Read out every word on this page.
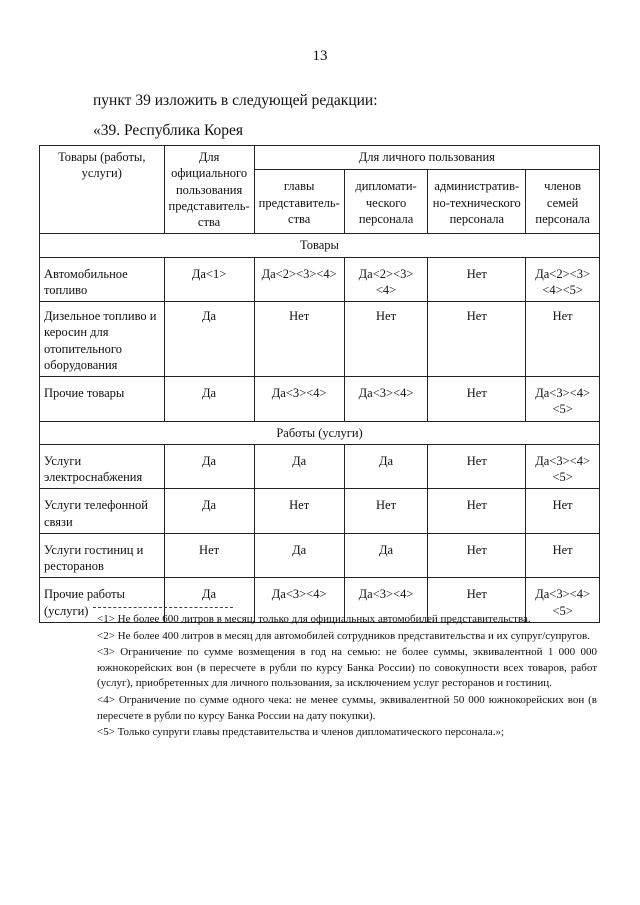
13
пункт 39 изложить в следующей редакции:
«39. Республика Корея
Товары (работы, услуги)	Для официального пользования представитель-ства	Для личного пользования			
		главы представитель-ства	дипломати-ческого персонала	административ-но-технического персонала	членов семей персонала
Товары					
Автомобильное топливо	Да<1>	Да<2><3><4>	Да<2><3><4>	Нет	Да<2><3><4><5>
Дизельное топливо и керосин для отопительного оборудования	Да	Нет	Нет	Нет	Нет
Прочие товары	Да	Да<3><4>	Да<3><4>	Нет	Да<3><4><5>
Работы (услуги)					
Услуги электроснабжения	Да	Да	Да	Нет	Да<3><4><5>
Услуги телефонной связи	Да	Нет	Нет	Нет	Нет
Услуги гостиниц и ресторанов	Нет	Да	Да	Нет	Нет
Прочие работы (услуги)	Да	Да<3><4>	Да<3><4>	Нет	Да<3><4><5>

<1> Не более 600 литров в месяц, только для официальных автомобилей представительства.

<2> Не более 400 литров в месяц для автомобилей сотрудников представительства и их супруг/супругов.

<3> Ограничение по сумме возмещения в год на семью: не более суммы, эквивалентной 1 000 000 южнокорейских вон (в пересчете в рубли по курсу Банка России) по совокупности всех товаров, работ (услуг), приобретенных для личного пользования, за исключением услуг ресторанов и гостиниц.

<4> Ограничение по сумме одного чека: не менее суммы, эквивалентной 50 000 южнокорейских вон (в пересчете в рубли по курсу Банка России на дату покупки).

<5> Только супруги главы представительства и членов дипломатического персонала.»;
